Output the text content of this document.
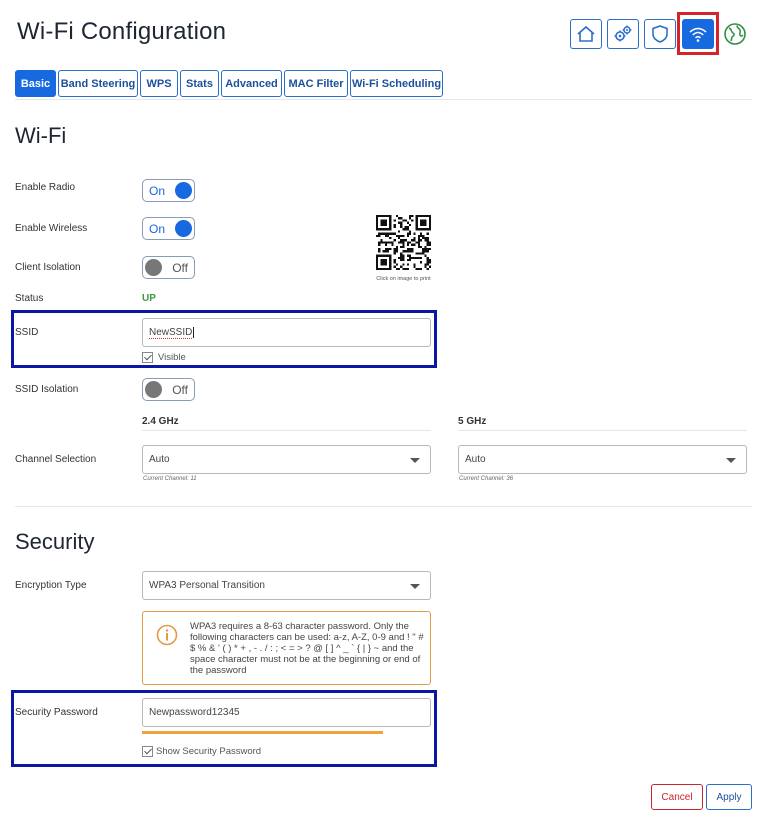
Wi-Fi Configuration
Basic Band Steering	WPS	Stats	Advanced MAC Filter Wi-Fi Scheduling
Wi-Fi
Enable Radio	On
Enable Wireless	On
Client Isolation	Off
Status	UP
Click on image to print
SSID	NewSSID
Visible
SSID Isolation	Off
2.4 GHz	5 GHz
Channel Selection	Auto	Auto
Current Channel: 11	Current Channel: 36
Security
Encryption Type	WPA3 Personal Transition
WPA3 requires a 8-63 character password. Only the following characters can be used: a-z, A-Z, 0-9 and ! " # $ % & ' ( ) * + , - . / : ; < = > ? @ [ ] ^ _ ` { | } ~ and the space character must not be at the beginning or end of the password
Security Password	Newpassword12345
Show Security Password
Cancel	Apply
